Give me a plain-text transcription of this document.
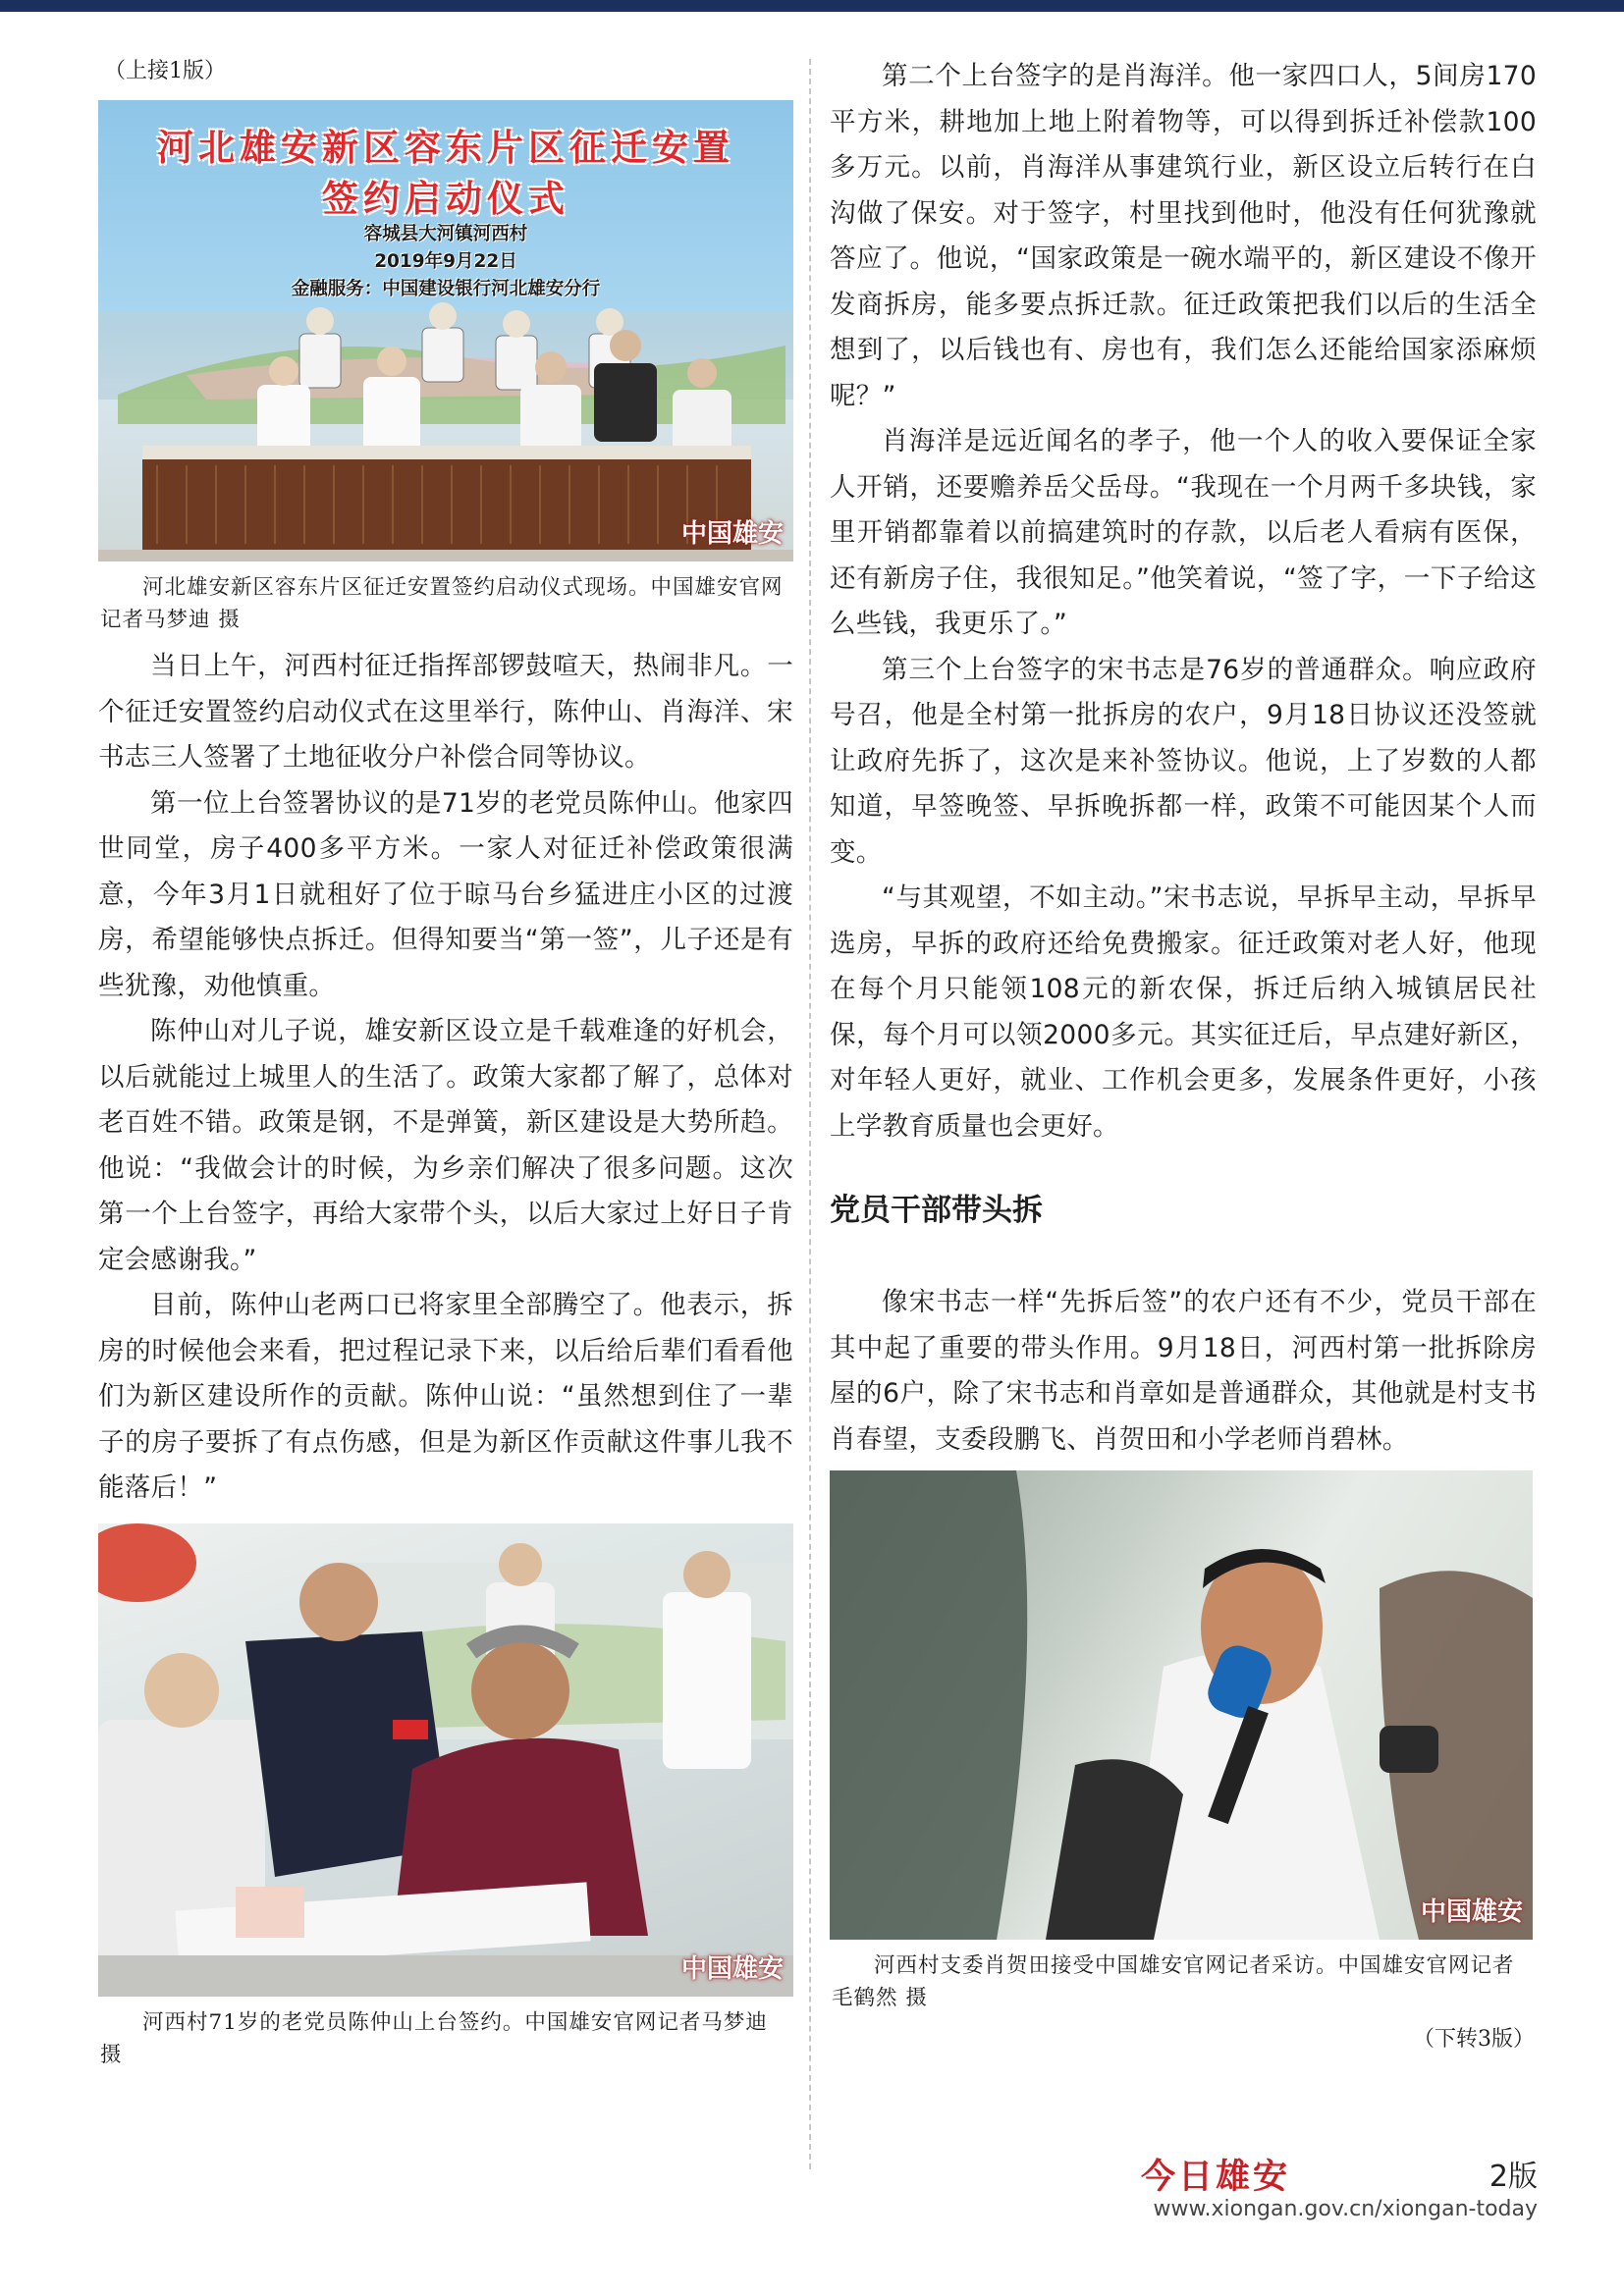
（上接1版）
河北雄安新区容东片区征迁安置
签约启动仪式
容城县大河镇河西村
2019年9月22日
金融服务：中国建设银行河北雄安分行
中国雄安

河北雄安新区容东片区征迁安置签约启动仪式现场。中国雄安官网记者马梦迪 摄

当日上午，河西村征迁指挥部锣鼓喧天，热闹非凡。一个征迁安置签约启动仪式在这里举行，陈仲山、肖海洋、宋书志三人签署了土地征收分户补偿合同等协议。

第一位上台签署协议的是71岁的老党员陈仲山。他家四世同堂，房子400多平方米。一家人对征迁补偿政策很满意，今年3月1日就租好了位于晾马台乡猛进庄小区的过渡房，希望能够快点拆迁。但得知要当“第一签”，儿子还是有些犹豫，劝他慎重。

陈仲山对儿子说，雄安新区设立是千载难逢的好机会，以后就能过上城里人的生活了。政策大家都了解了，总体对老百姓不错。政策是钢，不是弹簧，新区建设是大势所趋。他说：“我做会计的时候，为乡亲们解决了很多问题。这次第一个上台签字，再给大家带个头，以后大家过上好日子肯定会感谢我。”

目前，陈仲山老两口已将家里全部腾空了。他表示，拆房的时候他会来看，把过程记录下来，以后给后辈们看看他们为新区建设所作的贡献。陈仲山说：“虽然想到住了一辈子的房子要拆了有点伤感，但是为新区作贡献这件事儿我不能落后！”

中国雄安

河西村71岁的老党员陈仲山上台签约。中国雄安官网记者马梦迪 摄

第二个上台签字的是肖海洋。他一家四口人，5间房170平方米，耕地加上地上附着物等，可以得到拆迁补偿款100多万元。以前，肖海洋从事建筑行业，新区设立后转行在白沟做了保安。对于签字，村里找到他时，他没有任何犹豫就答应了。他说，“国家政策是一碗水端平的，新区建设不像开发商拆房，能多要点拆迁款。征迁政策把我们以后的生活全想到了，以后钱也有、房也有，我们怎么还能给国家添麻烦呢？”

肖海洋是远近闻名的孝子，他一个人的收入要保证全家人开销，还要赡养岳父岳母。“我现在一个月两千多块钱，家里开销都靠着以前搞建筑时的存款，以后老人看病有医保，还有新房子住，我很知足。”他笑着说，“签了字，一下子给这么些钱，我更乐了。”

第三个上台签字的宋书志是76岁的普通群众。响应政府号召，他是全村第一批拆房的农户，9月18日协议还没签就让政府先拆了，这次是来补签协议。他说，上了岁数的人都知道，早签晚签、早拆晚拆都一样，政策不可能因某个人而变。

“与其观望，不如主动。”宋书志说，早拆早主动，早拆早选房，早拆的政府还给免费搬家。征迁政策对老人好，他现在每个月只能领108元的新农保，拆迁后纳入城镇居民社保，每个月可以领2000多元。其实征迁后，早点建好新区，对年轻人更好，就业、工作机会更多，发展条件更好，小孩上学教育质量也会更好。

党员干部带头拆

像宋书志一样“先拆后签”的农户还有不少，党员干部在其中起了重要的带头作用。9月18日，河西村第一批拆除房屋的6户，除了宋书志和肖章如是普通群众，其他就是村支书肖春望，支委段鹏飞、肖贺田和小学老师肖碧林。

中国雄安

河西村支委肖贺田接受中国雄安官网记者采访。中国雄安官网记者毛鹤然 摄

（下转3版）
今日雄安	2版
www.xiongan.gov.cn/xiongan-today
